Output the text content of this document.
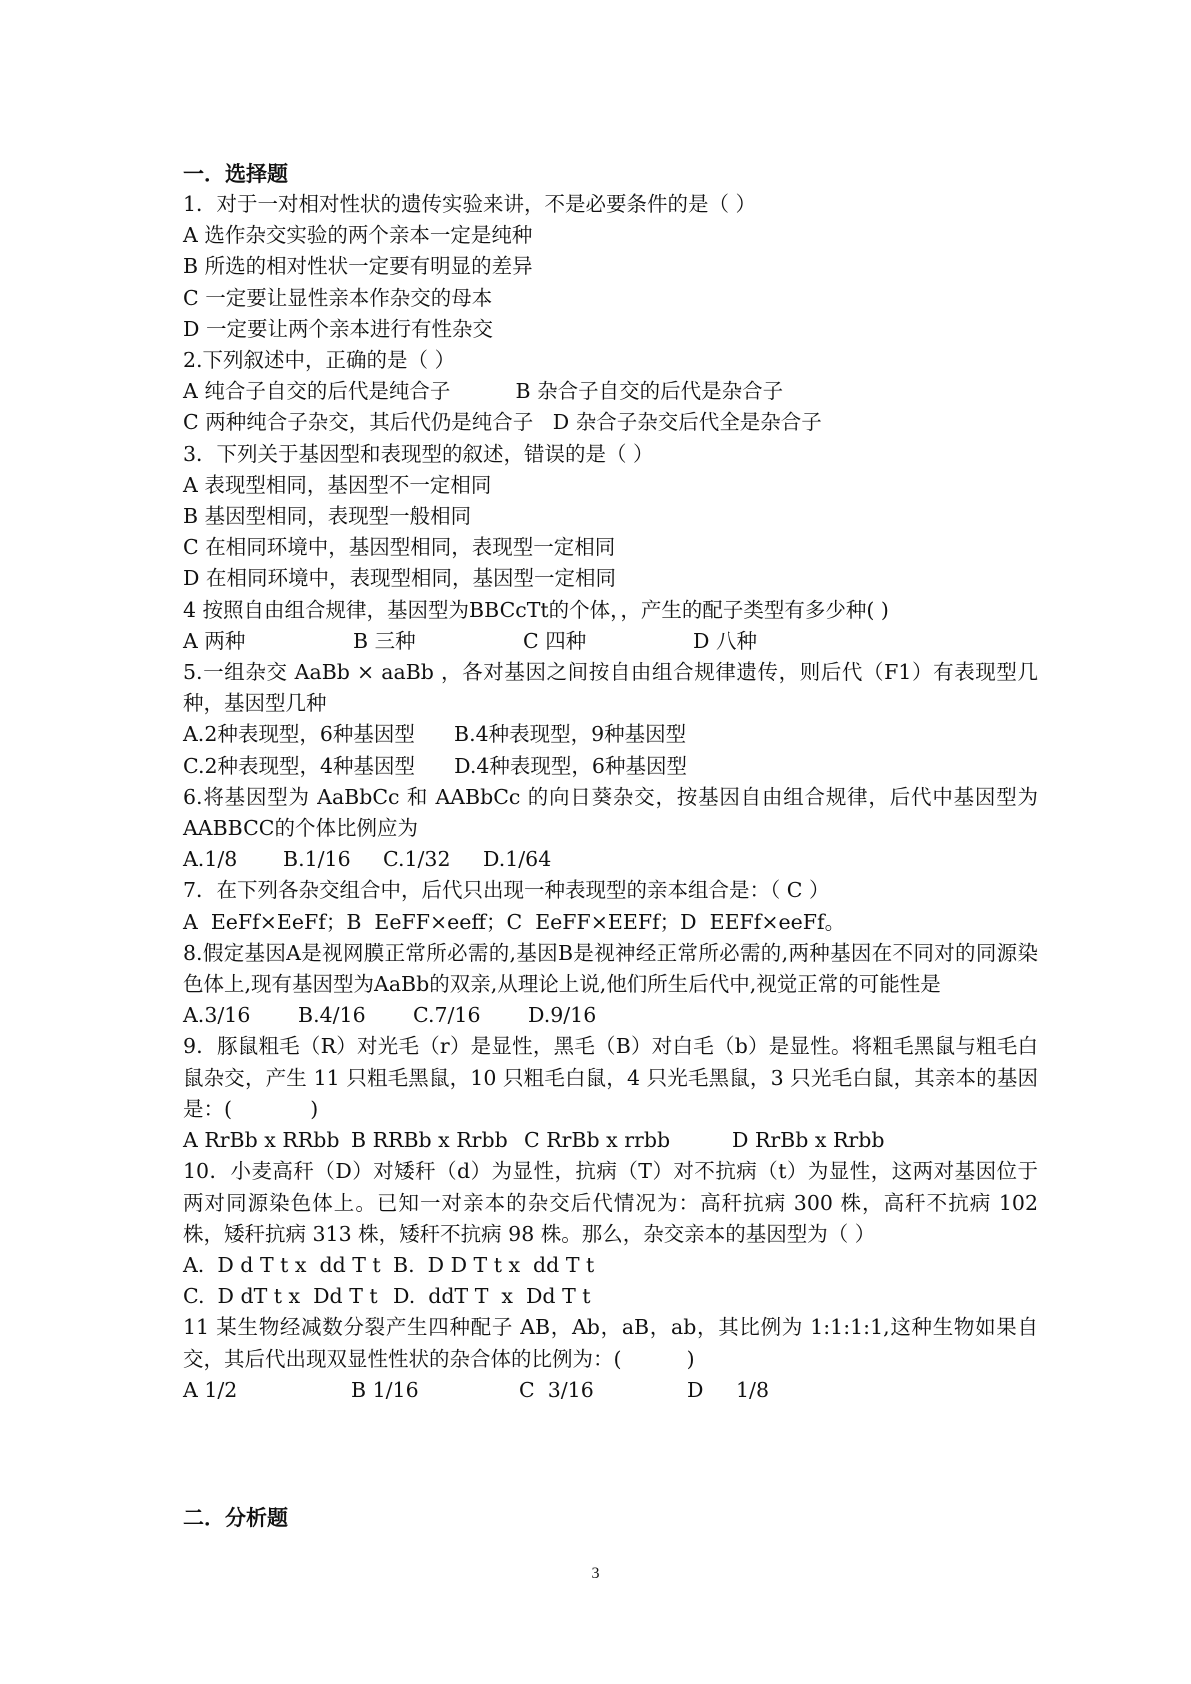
一．选择题

1．对于一对相对性状的遗传实验来讲，不是必要条件的是（ ）

A 选作杂交实验的两个亲本一定是纯种

B 所选的相对性状一定要有明显的差异

C 一定要让显性亲本作杂交的母本

D 一定要让两个亲本进行有性杂交

2.下列叙述中，正确的是（ ）

A 纯合子自交的后代是纯合子          B 杂合子自交的后代是杂合子

C 两种纯合子杂交，其后代仍是纯合子   D 杂合子杂交后代全是杂合子

3．下列关于基因型和表现型的叙述，错误的是（ ）

A 表现型相同，基因型不一定相同

B 基因型相同，表现型一般相同

C 在相同环境中，基因型相同，表现型一定相同

D 在相同环境中，表现型相同，基因型一定相同

4 按照自由组合规律，基因型为BBCcTt的个体，，产生的配子类型有多少种( )

A 两种	B 三种	C 四种	D 八种

5.一组杂交 AaBb × aaBb ，各对基因之间按自由组合规律遗传，则后代（F1）有表现型几种，基因型几种

A.2种表现型，6种基因型      B.4种表现型，9种基因型

C.2种表现型，4种基因型      D.4种表现型，6种基因型

6.将基因型为 AaBbCc 和 AABbCc 的向日葵杂交，按基因自由组合规律，后代中基因型为AABBCC的个体比例应为

A.1/8	B.1/16	C.1/32	D.1/64

7．在下列各杂交组合中，后代只出现一种表现型的亲本组合是：（ C ）

A  EeFf×EeFf；B  EeFF×eeff；C  EeFF×EEFf；D  EEFf×eeFf。

8.假定基因A是视网膜正常所必需的,基因B是视神经正常所必需的,两种基因在不同对的同源染色体上,现有基因型为AaBb的双亲,从理论上说,他们所生后代中,视觉正常的可能性是

A.3/16	B.4/16	C.7/16	D.9/16

9．豚鼠粗毛（R）对光毛（r）是显性，黑毛（B）对白毛（b）是显性。将粗毛黑鼠与粗毛白鼠杂交，产生 11 只粗毛黑鼠，10 只粗毛白鼠，4 只光毛黑鼠，3 只光毛白鼠，其亲本的基因是：(            )

A RrBb x RRbb B RRBb x Rrbb C RrBb x rrbb	D RrBb x Rrbb

10．小麦高秆（D）对矮秆（d）为显性，抗病（T）对不抗病（t）为显性，这两对基因位于两对同源染色体上。已知一对亲本的杂交后代情况为：高秆抗病 300 株，高秆不抗病 102 株，矮秆抗病 313 株，矮秆不抗病 98 株。那么，杂交亲本的基因型为（ ）

A.  D d T t x  dd T t B.  D D T t x  dd T t

C.  D dT t x  Dd T t D.  ddT T  x  Dd T t

11 某生物经减数分裂产生四种配子 AB，Ab，aB，ab，其比例为 1:1:1:1,这种生物如果自交，其后代出现双显性性状的杂合体的比例为：(          )

A 1/2	B 1/16	C  3/16	D     1/8

二．分析题

3
